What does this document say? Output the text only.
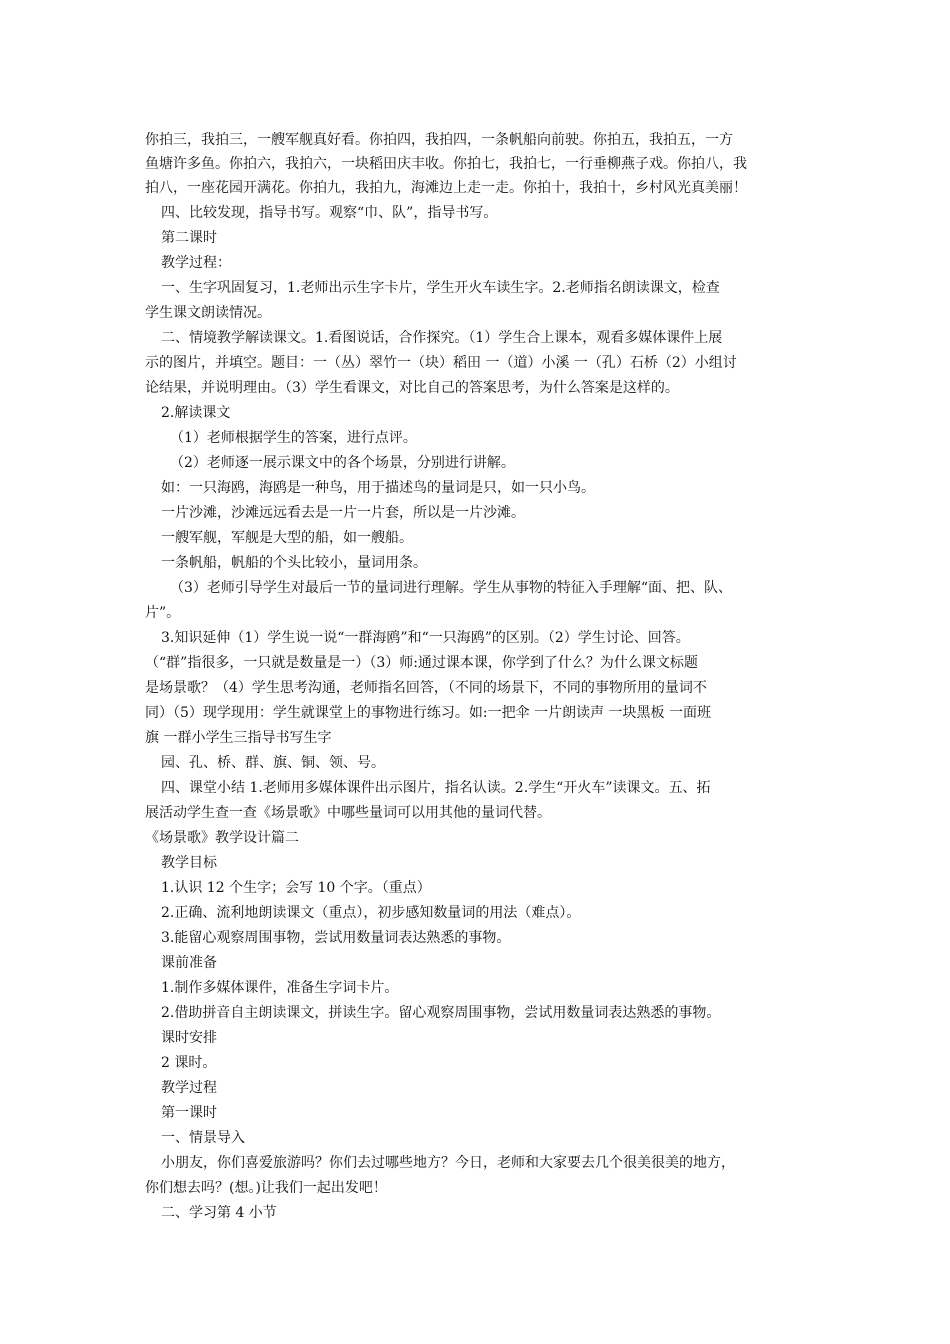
你拍三，我拍三，一艘军舰真好看。你拍四，我拍四，一条帆船向前驶。你拍五，我拍五，一方
鱼塘许多鱼。你拍六，我拍六，一块稻田庆丰收。你拍七，我拍七，一行垂柳燕子戏。你拍八，我
拍八，一座花园开满花。你拍九，我拍九，海滩边上走一走。你拍十，我拍十，乡村风光真美丽！
四、比较发现，指导书写。观察“巾、队”，指导书写。
第二课时
教学过程：
一、生字巩固复习，1.老师出示生字卡片，学生开火车读生字。2.老师指名朗读课文，检查
学生课文朗读情况。
二、情境教学解读课文。1.看图说话，合作探究。（1）学生合上课本，观看多媒体课件上展
示的图片，并填空。题目：一（丛）翠竹一（块）稻田 一（道）小溪 一（孔）石桥（2）小组讨
论结果，并说明理由。（3）学生看课文，对比自己的答案思考，为什么答案是这样的。
2.解读课文
（1）老师根据学生的答案，进行点评。
（2）老师逐一展示课文中的各个场景，分别进行讲解。
如：一只海鸥，海鸥是一种鸟，用于描述鸟的量词是只，如一只小鸟。
一片沙滩，沙滩远远看去是一片一片套，所以是一片沙滩。
一艘军舰，军舰是大型的船，如一艘船。
一条帆船，帆船的个头比较小，量词用条。
（3）老师引导学生对最后一节的量词进行理解。学生从事物的特征入手理解“面、把、队、
片”。
3.知识延伸（1）学生说一说“一群海鸥”和“一只海鸥”的区别。（2）学生讨论、回答。
（“群”指很多，一只就是数量是一）（3）师:通过课本课，你学到了什么？为什么课文标题
是场景歌？（4）学生思考沟通，老师指名回答，（不同的场景下，不同的事物所用的量词不
同）（5）现学现用：学生就课堂上的事物进行练习。如:一把伞 一片朗读声 一块黑板 一面班
旗 一群小学生三指导书写生字
园、孔、桥、群、旗、铜、领、号。
四、课堂小结 1.老师用多媒体课件出示图片，指名认读。2.学生“开火车”读课文。五、拓
展活动学生查一查《场景歌》中哪些量词可以用其他的量词代替。
《场景歌》教学设计篇二
教学目标
1.认识 12 个生字；会写 10 个字。（重点）
2.正确、流利地朗读课文（重点），初步感知数量词的用法（难点）。
3.能留心观察周围事物，尝试用数量词表达熟悉的事物。
课前准备
1.制作多媒体课件，准备生字词卡片。
2.借助拼音自主朗读课文，拼读生字。留心观察周围事物，尝试用数量词表达熟悉的事物。
课时安排
2 课时。
教学过程
第一课时
一、情景导入
小朋友，你们喜爱旅游吗？你们去过哪些地方？今日，老师和大家要去几个很美很美的地方，
你们想去吗？(想。)让我们一起出发吧！
二、学习第 4 小节
